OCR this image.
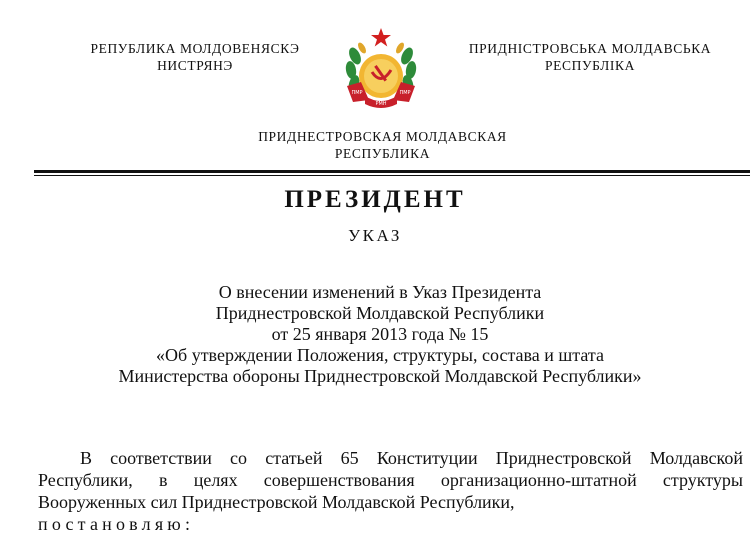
РЕПУБЛИКА МОЛДОВЕНЯСКЭ
НИСТРЯНЭ
ПМР	ПМР
РМН
ПРИДНІСТРОВСЬКА МОЛДАВСЬКА
РЕСПУБЛІКА
ПРИДНЕСТРОВСКАЯ МОЛДАВСКАЯ
РЕСПУБЛИКА
ПРЕЗИДЕНТ
УКАЗ
О внесении изменений в Указ Президента
Приднестровской Молдавской Республики
от 25 января 2013 года № 15
«Об утверждении Положения, структуры, состава и штата
Министерства обороны Приднестровской Молдавской Республики»
В соответствии со статьей 65 Конституции Приднестровской Молдавской
Республики, в целях совершенствования организационно-штатной структуры
Вооруженных сил Приднестровской Молдавской Республики,
постановляю:
